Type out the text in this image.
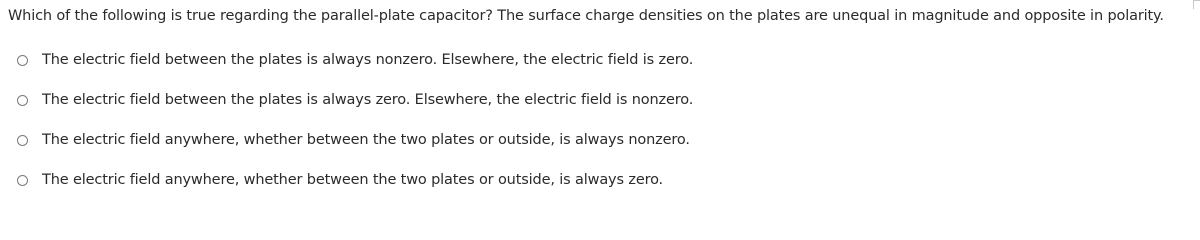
Which of the following is true regarding the parallel-plate capacitor? The surface charge densities on the plates are unequal in magnitude and opposite in polarity.
The electric field between the plates is always nonzero. Elsewhere, the electric field is zero.
The electric field between the plates is always zero. Elsewhere, the electric field is nonzero.
The electric field anywhere, whether between the two plates or outside, is always nonzero.
The electric field anywhere, whether between the two plates or outside, is always zero.
